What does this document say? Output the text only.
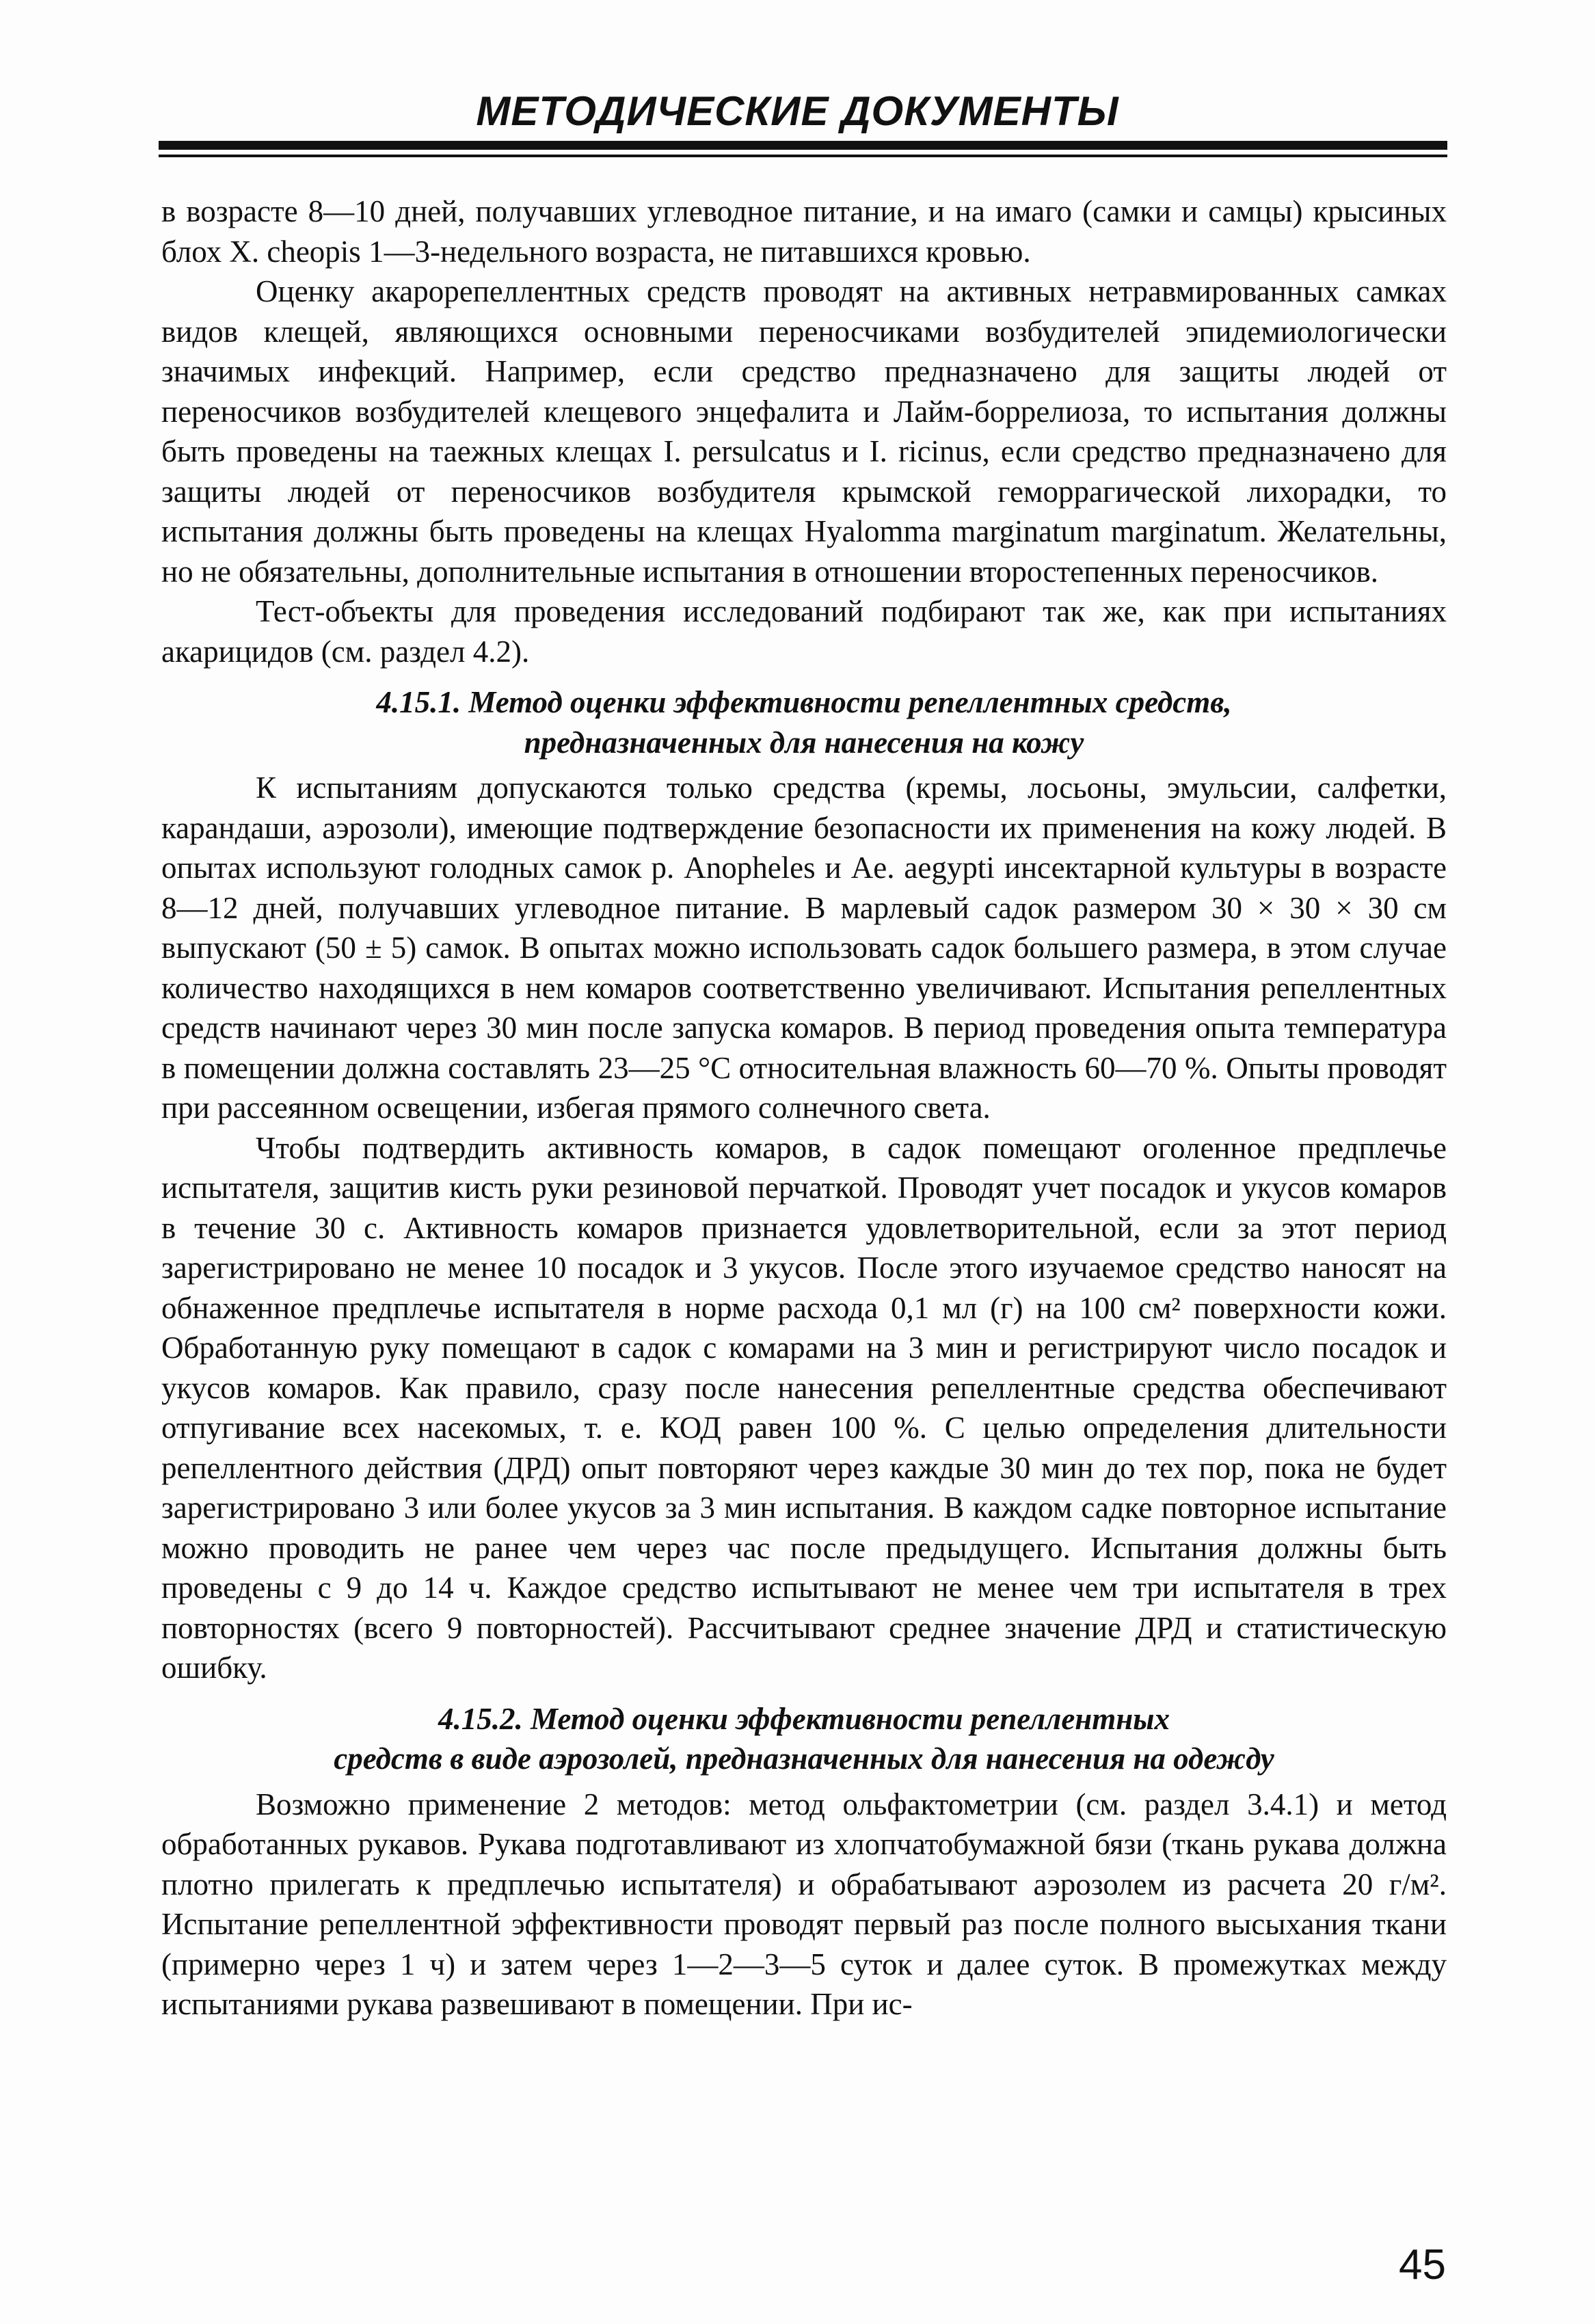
МЕТОДИЧЕСКИЕ ДОКУМЕНТЫ

в возрасте 8—10 дней, получавших углеводное питание, и на имаго (самки и самцы) крысиных блох X. cheopis 1—3-недельного возраста, не питавшихся кровью.

Оценку акарорепеллентных средств проводят на активных нетравмированных самках видов клещей, являющихся основными переносчиками возбудителей эпидемиологически значимых инфекций. Например, если средство предназначено для защиты людей от переносчиков возбудителей клещевого энцефалита и Лайм-боррелиоза, то испытания должны быть проведены на таежных клещах I. persulcatus и I. ricinus, если средство предназначено для защиты людей от переносчиков возбудителя крымской геморрагической лихорадки, то испытания должны быть проведены на клещах Hyalomma marginatum marginatum. Желательны, но не обязательны, дополнительные испытания в отношении второстепенных переносчиков.

Тест-объекты для проведения исследований подбирают так же, как при испытаниях акарицидов (см. раздел 4.2).

4.15.1. Метод оценки эффективности репеллентных средств,
предназначенных для нанесения на кожу

К испытаниям допускаются только средства (кремы, лосьоны, эмульсии, салфетки, карандаши, аэрозоли), имеющие подтверждение безопасности их применения на кожу людей. В опытах используют голодных самок р. Anopheles и Ae. aegypti инсектарной культуры в возрасте 8—12 дней, получавших углеводное питание. В марлевый садок размером 30 × 30 × 30 см выпускают (50 ± 5) самок. В опытах можно использовать садок большего размера, в этом случае количество находящихся в нем комаров соответственно увеличивают. Испытания репеллентных средств начинают через 30 мин после запуска комаров. В период проведения опыта температура в помещении должна составлять 23—25 °С относительная влажность 60—70 %. Опыты проводят при рассеянном освещении, избегая прямого солнечного света.

Чтобы подтвердить активность комаров, в садок помещают оголенное предплечье испытателя, защитив кисть руки резиновой перчаткой. Проводят учет посадок и укусов комаров в течение 30 с. Активность комаров признается удовлетворительной, если за этот период зарегистрировано не менее 10 посадок и 3 укусов. После этого изучаемое средство наносят на обнаженное предплечье испытателя в норме расхода 0,1 мл (г) на 100 см² поверхности кожи. Обработанную руку помещают в садок с комарами на 3 мин и регистрируют число посадок и укусов комаров. Как правило, сразу после нанесения репеллентные средства обеспечивают отпугивание всех насекомых, т. е. КОД равен 100 %. С целью определения длительности репеллентного действия (ДРД) опыт повторяют через каждые 30 мин до тех пор, пока не будет зарегистрировано 3 или более укусов за 3 мин испытания. В каждом садке повторное испытание можно проводить не ранее чем через час после предыдущего. Испытания должны быть проведены с 9 до 14 ч. Каждое средство испытывают не менее чем три испытателя в трех повторностях (всего 9 повторностей). Рассчитывают среднее значение ДРД и статистическую ошибку.

4.15.2. Метод оценки эффективности репеллентных
средств в виде аэрозолей, предназначенных для нанесения на одежду

Возможно применение 2 методов: метод ольфактометрии (см. раздел 3.4.1) и метод обработанных рукавов. Рукава подготавливают из хлопчатобумажной бязи (ткань рукава должна плотно прилегать к предплечью испытателя) и обрабатывают аэрозолем из расчета 20 г/м². Испытание репеллентной эффективности проводят первый раз после полного высыхания ткани (примерно через 1 ч) и затем через 1—2—3—5 суток и далее суток. В промежутках между испытаниями рукава развешивают в помещении. При ис-

45
